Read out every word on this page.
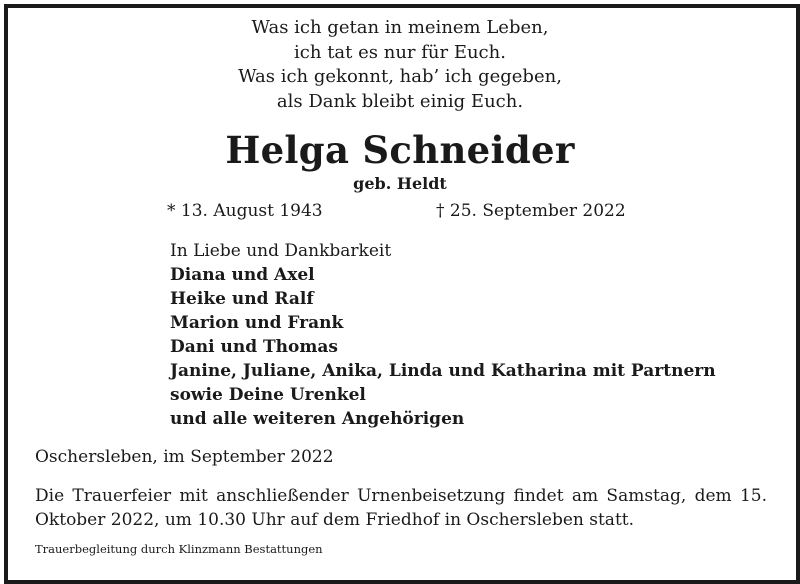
Was ich getan in meinem Leben,
ich tat es nur für Euch.
Was ich gekonnt, hab’ ich gegeben,
als Dank bleibt einig Euch.
Helga Schneider
geb. Heldt
* 13. August 1943	† 25. September 2022
In Liebe und Dankbarkeit
Diana und Axel
Heike und Ralf
Marion und Frank
Dani und Thomas
Janine, Juliane, Anika, Linda und Katharina mit Partnern
sowie Deine Urenkel
und alle weiteren Angehörigen
Oschersleben, im September 2022
Die Trauerfeier mit anschließender Urnenbeisetzung findet am Samstag, dem 15. Oktober 2022, um 10.30 Uhr auf dem Friedhof in Oschersleben statt.
Trauerbegleitung durch Klinzmann Bestattungen
